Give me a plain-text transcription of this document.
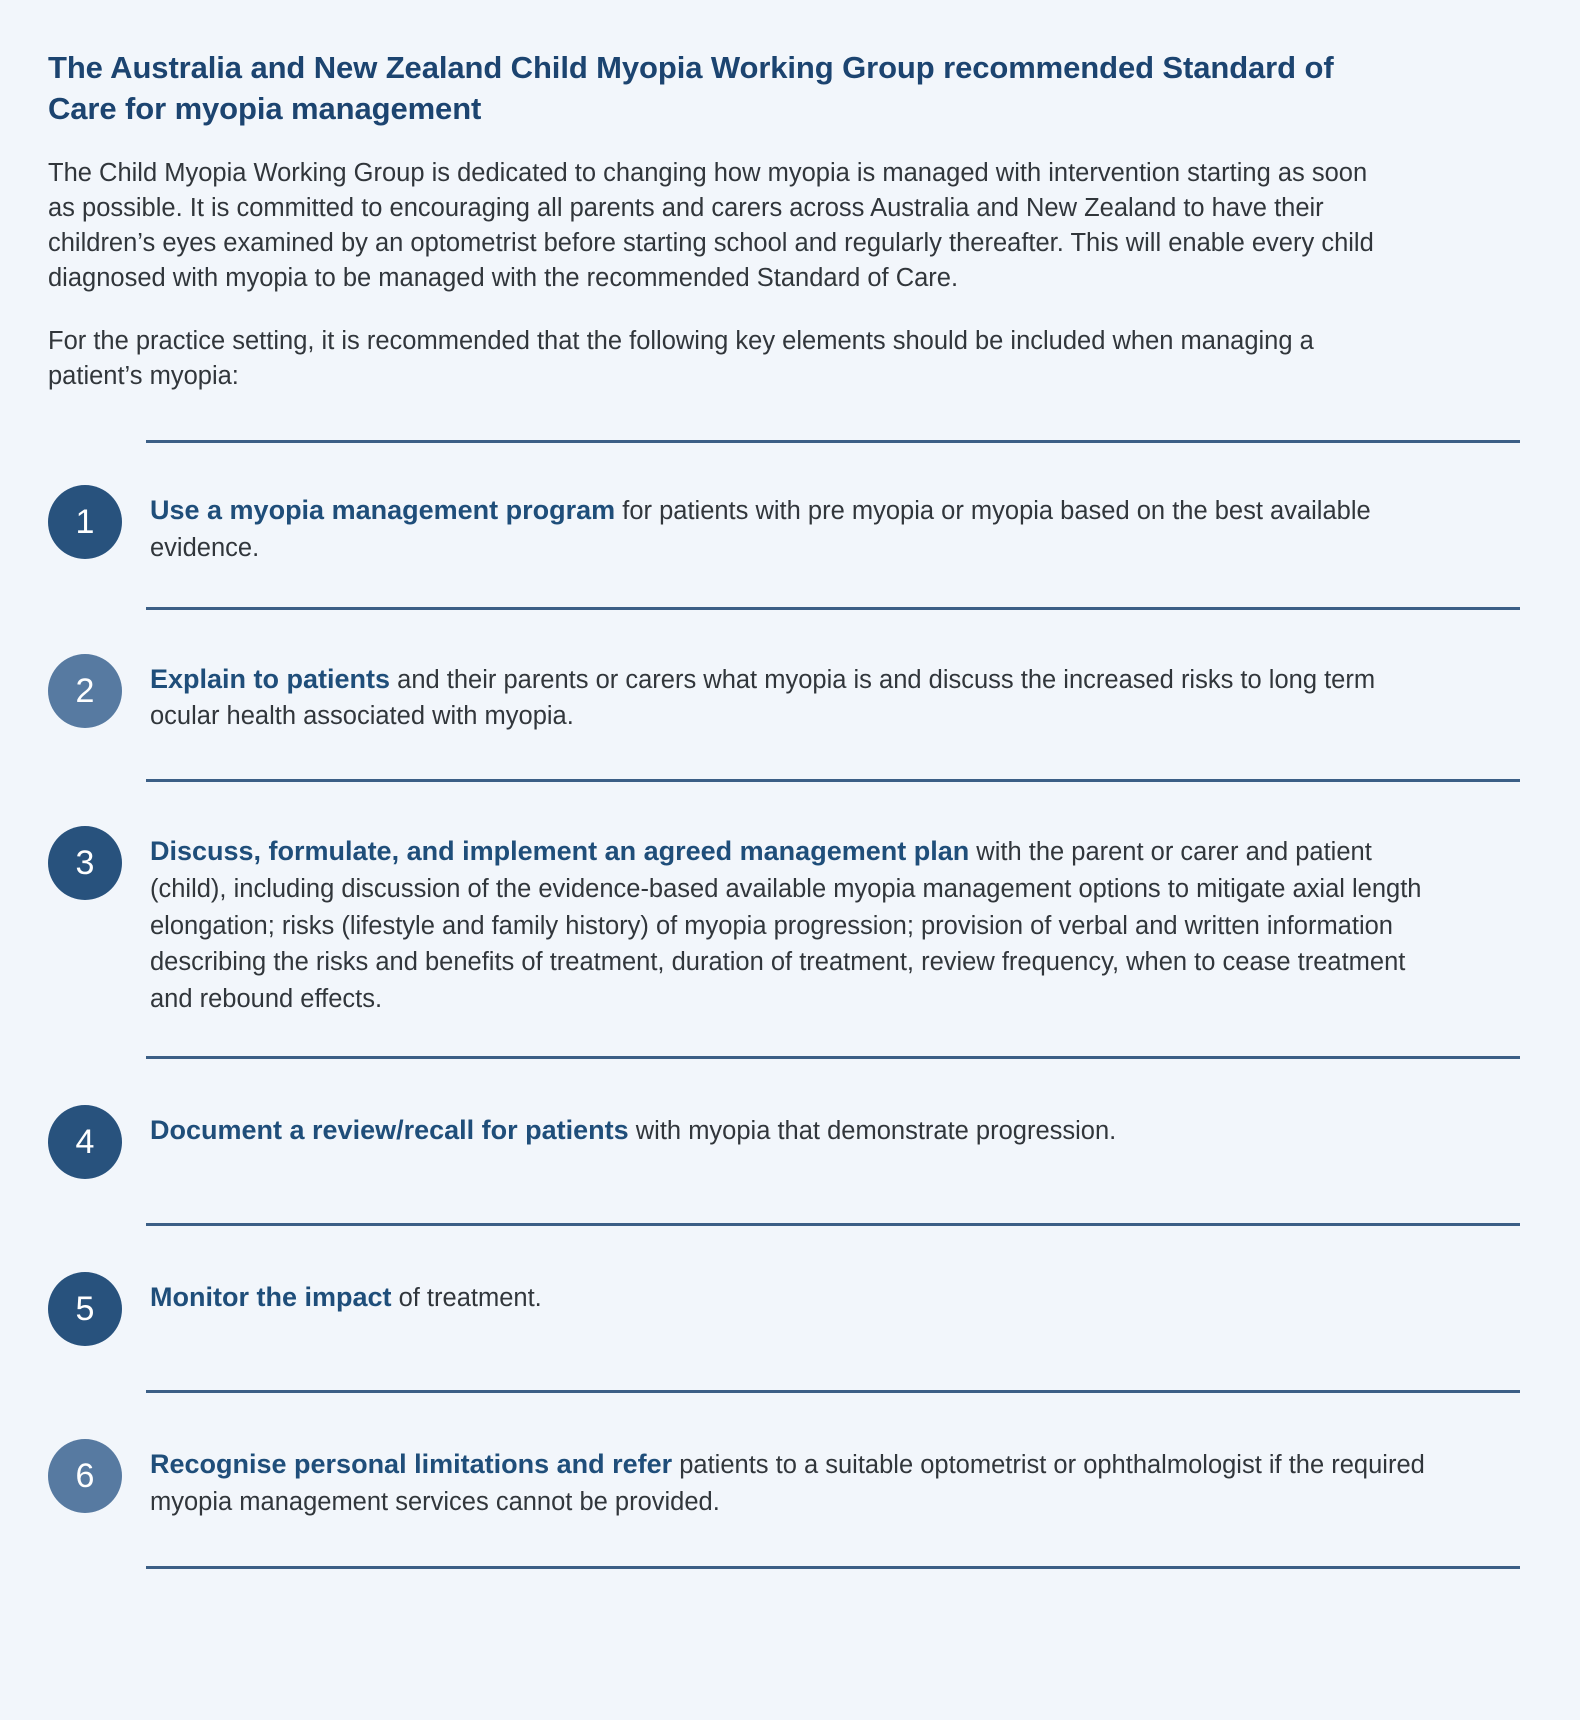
The Australia and New Zealand Child Myopia Working Group recommended Standard of Care for myopia management

The Child Myopia Working Group is dedicated to changing how myopia is managed with intervention starting as soon as possible. It is committed to encouraging all parents and carers across Australia and New Zealand to have their children’s eyes examined by an optometrist before starting school and regularly thereafter. This will enable every child diagnosed with myopia to be managed with the recommended Standard of Care.

For the practice setting, it is recommended that the following key elements should be included when managing a patient’s myopia:

1	Use a myopia management program for patients with pre myopia or myopia based on the best available evidence.
2	Explain to patients and their parents or carers what myopia is and discuss the increased risks to long term ocular health associated with myopia.
3	Discuss, formulate, and implement an agreed management plan with the parent or carer and patient (child), including discussion of the evidence-based available myopia management options to mitigate axial length elongation; risks (lifestyle and family history) of myopia progression; provision of verbal and written information describing the risks and benefits of treatment, duration of treatment, review frequency, when to cease treatment and rebound effects.
4	Document a review/recall for patients with myopia that demonstrate progression.
5	Monitor the impact of treatment.
6	Recognise personal limitations and refer patients to a suitable optometrist or ophthalmologist if the required myopia management services cannot be provided.
